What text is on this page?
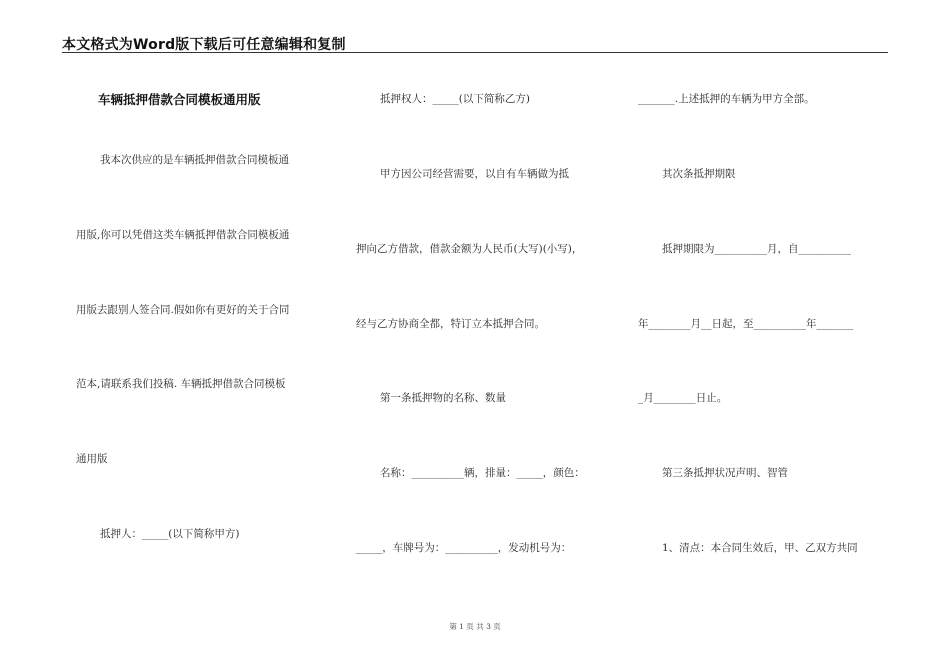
本文格式为Word版下载后可任意编辑和复制
车辆抵押借款合同模板通用版
我本次供应的是车辆抵押借款合同模板通
用版,你可以凭借这类车辆抵押借款合同模板通
用版去跟别人签合同.假如你有更好的关于合同
范本,请联系我们投稿. 车辆抵押借款合同模板
通用版
抵押人：_____(以下简称甲方)
抵押权人：_____(以下简称乙方)
甲方因公司经营需要，以自有车辆做为抵
押向乙方借款，借款金额为人民币(大写)(小写)，
经与乙方协商全都，特订立本抵押合同。
第一条抵押物的名称、数量
名称：__________辆，排量：_____，颜色：
_____，车牌号为：__________，发动机号为：
_______.上述抵押的车辆为甲方全部。
其次条抵押期限
抵押期限为__________月，自__________
年________月__日起，至__________年_______
_月________日止。
第三条抵押状况声明、智管
1、清点：本合同生效后，甲、乙双方共同
第 1 页 共 3 页
